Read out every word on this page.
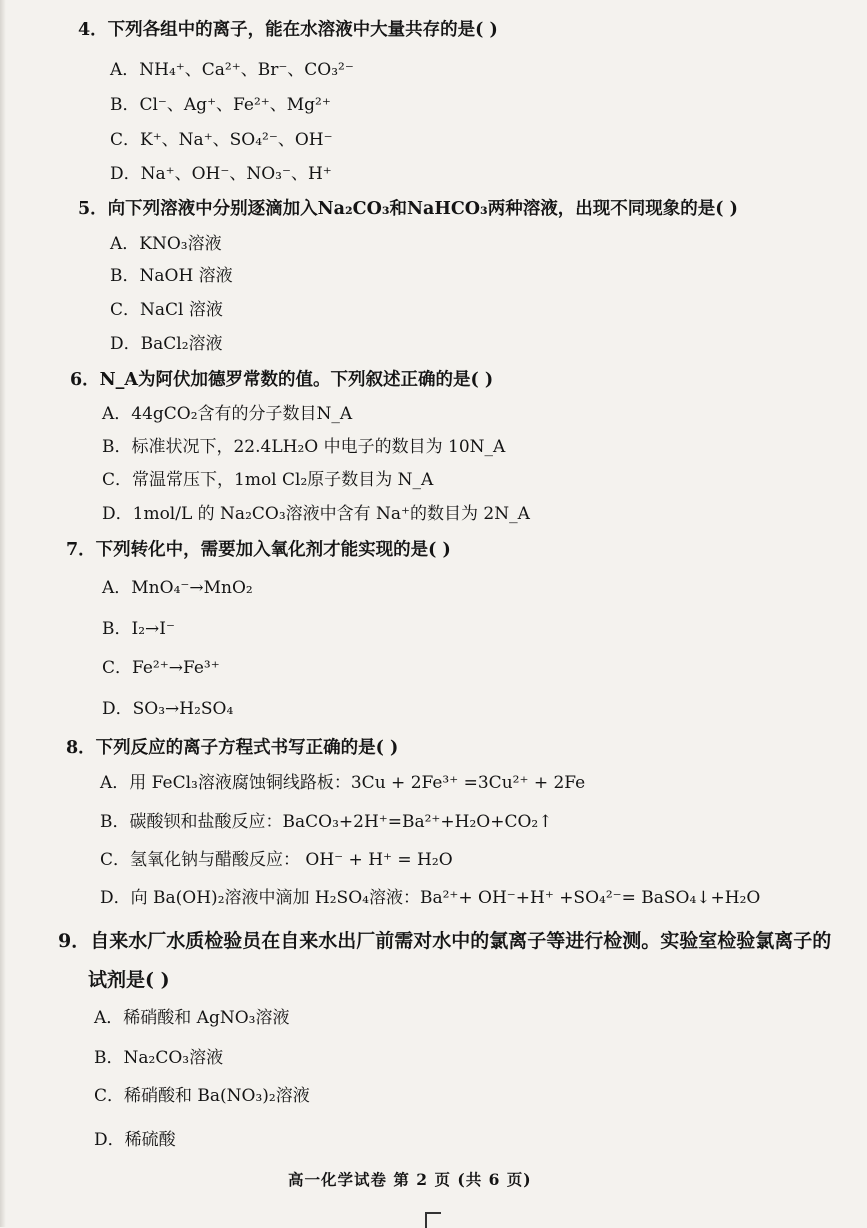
4．下列各组中的离子，能在水溶液中大量共存的是( )
A．NH₄⁺、Ca²⁺、Br⁻、CO₃²⁻
B．Cl⁻、Ag⁺、Fe²⁺、Mg²⁺
C．K⁺、Na⁺、SO₄²⁻、OH⁻
D．Na⁺、OH⁻、NO₃⁻、H⁺
5．向下列溶液中分别逐滴加入Na₂CO₃和NaHCO₃两种溶液，出现不同现象的是( )
A．KNO₃溶液
B．NaOH 溶液
C．NaCl 溶液
D．BaCl₂溶液
6．N_A为阿伏加德罗常数的值。下列叙述正确的是( )
A．44gCO₂含有的分子数目N_A
B．标准状况下，22.4LH₂O 中电子的数目为 10N_A
C．常温常压下，1mol Cl₂原子数目为 N_A
D．1mol/L 的 Na₂CO₃溶液中含有 Na⁺的数目为 2N_A
7．下列转化中，需要加入氧化剂才能实现的是( )
A．MnO₄⁻→MnO₂
B．I₂→I⁻
C．Fe²⁺→Fe³⁺
D．SO₃→H₂SO₄
8．下列反应的离子方程式书写正确的是( )
A．用 FeCl₃溶液腐蚀铜线路板：3Cu + 2Fe³⁺ =3Cu²⁺ + 2Fe
B．碳酸钡和盐酸反应：BaCO₃+2H⁺=Ba²⁺+H₂O+CO₂↑
C．氢氧化钠与醋酸反应： OH⁻ + H⁺ = H₂O
D．向 Ba(OH)₂溶液中滴加 H₂SO₄溶液：Ba²⁺+ OH⁻+H⁺ +SO₄²⁻= BaSO₄↓+H₂O
9．自来水厂水质检验员在自来水出厂前需对水中的氯离子等进行检测。实验室检验氯离子的
试剂是( )
A．稀硝酸和 AgNO₃溶液
B．Na₂CO₃溶液
C．稀硝酸和 Ba(NO₃)₂溶液
D．稀硫酸
高一化学试卷 第 2 页 (共 6 页)
